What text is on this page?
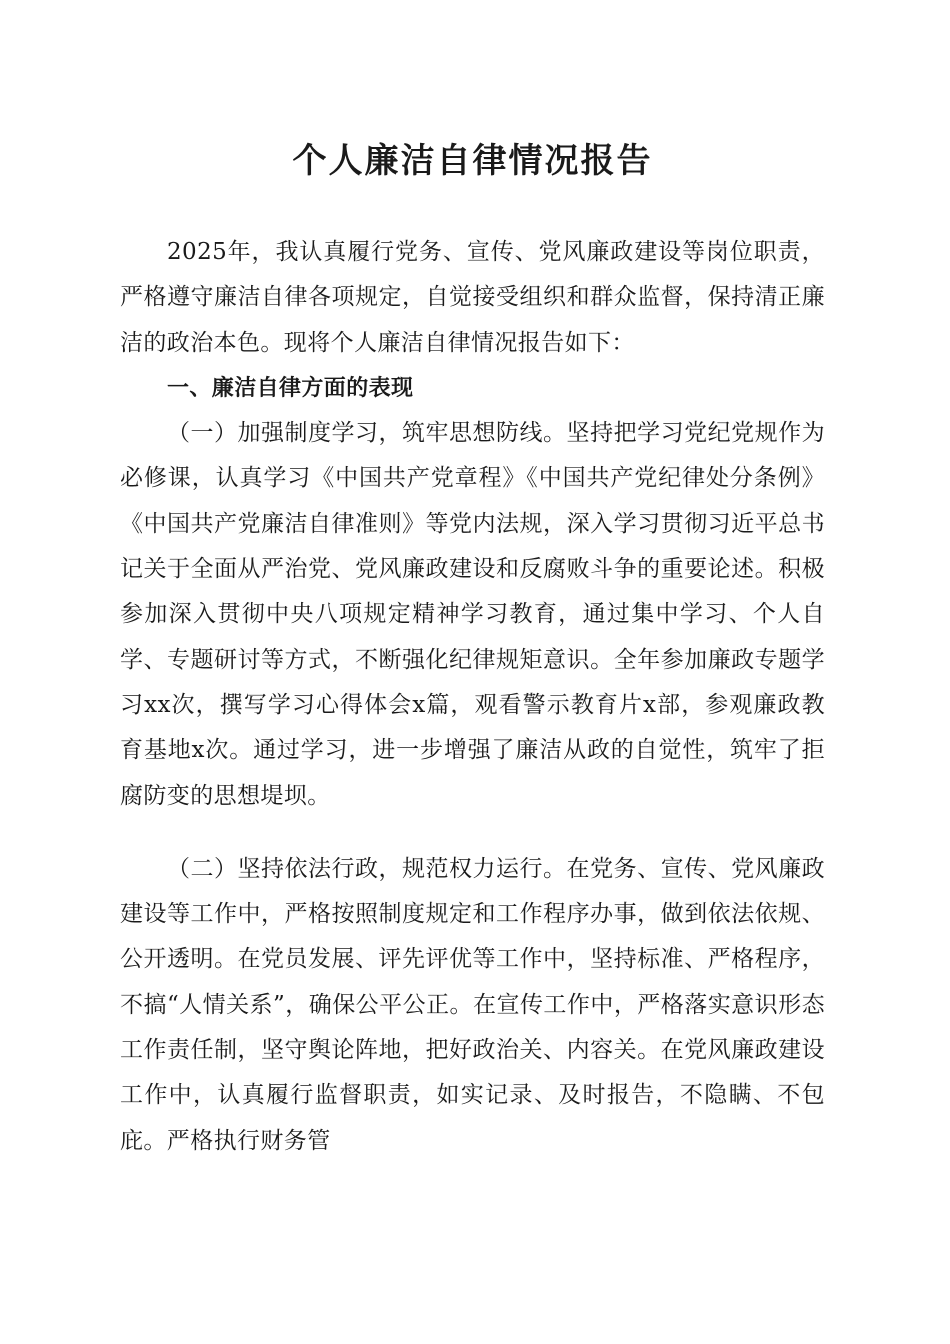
个人廉洁自律情况报告

2025年，我认真履行党务、宣传、党风廉政建设等岗位职责，严格遵守廉洁自律各项规定，自觉接受组织和群众监督，保持清正廉洁的政治本色。现将个人廉洁自律情况报告如下：

一、廉洁自律方面的表现

（一）加强制度学习，筑牢思想防线。坚持把学习党纪党规作为必修课，认真学习《中国共产党章程》《中国共产党纪律处分条例》《中国共产党廉洁自律准则》等党内法规，深入学习贯彻习近平总书记关于全面从严治党、党风廉政建设和反腐败斗争的重要论述。积极参加深入贯彻中央八项规定精神学习教育，通过集中学习、个人自学、专题研讨等方式，不断强化纪律规矩意识。全年参加廉政专题学习xx次，撰写学习心得体会x篇，观看警示教育片x部，参观廉政教育基地x次。通过学习，进一步增强了廉洁从政的自觉性，筑牢了拒腐防变的思想堤坝。

（二）坚持依法行政，规范权力运行。在党务、宣传、党风廉政建设等工作中，严格按照制度规定和工作程序办事，做到依法依规、公开透明。在党员发展、评先评优等工作中，坚持标准、严格程序，不搞“人情关系”，确保公平公正。在宣传工作中，严格落实意识形态工作责任制，坚守舆论阵地，把好政治关、内容关。在党风廉政建设工作中，认真履行监督职责，如实记录、及时报告，不隐瞒、不包庇。严格执行财务管
